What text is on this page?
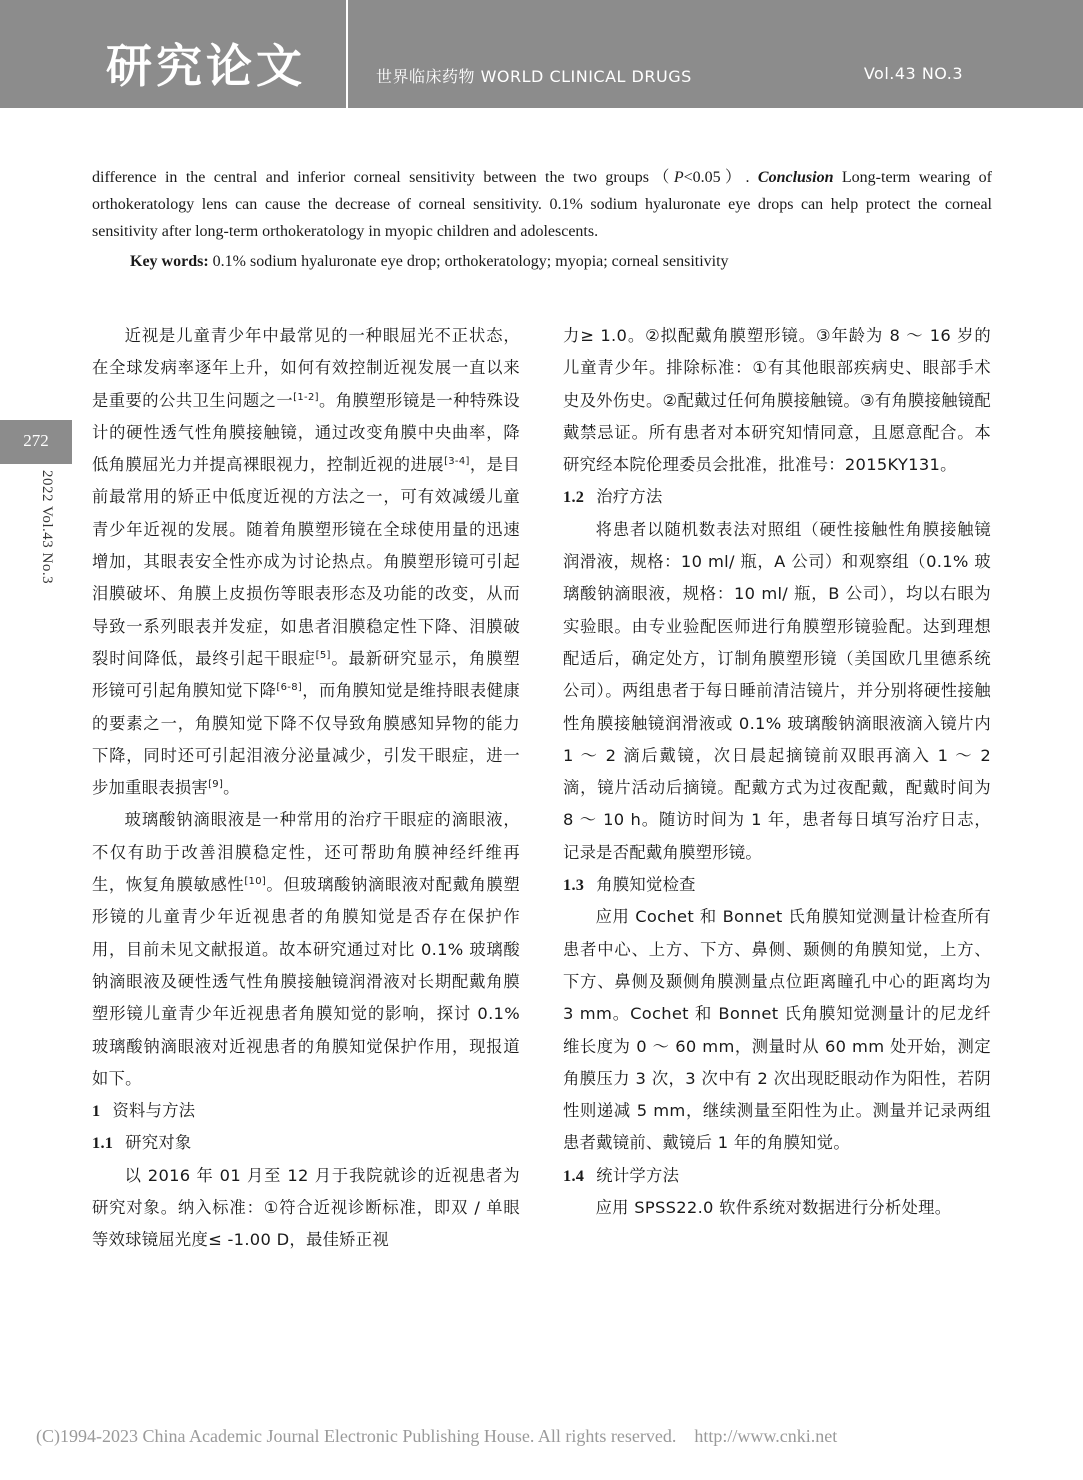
研究论文	世界临床药物 WORLD CLINICAL DRUGS	Vol.43 NO.3
272
2022 Vol.43 No.3

difference in the central and inferior corneal sensitivity between the two groups（P<0.05）. Conclusion Long-term wearing of orthokeratology lens can cause the decrease of corneal sensitivity. 0.1% sodium hyaluronate eye drops can help protect the corneal sensitivity after long-term orthokeratology in myopic children and adolescents.

Key words: 0.1% sodium hyaluronate eye drop; orthokeratology; myopia; corneal sensitivity

近视是儿童青少年中最常见的一种眼屈光不正状态，在全球发病率逐年上升，如何有效控制近视发展一直以来是重要的公共卫生问题之一[1-2]。角膜塑形镜是一种特殊设计的硬性透气性角膜接触镜，通过改变角膜中央曲率，降低角膜屈光力并提高裸眼视力，控制近视的进展[3-4]，是目前最常用的矫正中低度近视的方法之一，可有效减缓儿童青少年近视的发展。随着角膜塑形镜在全球使用量的迅速增加，其眼表安全性亦成为讨论热点。角膜塑形镜可引起泪膜破坏、角膜上皮损伤等眼表形态及功能的改变，从而导致一系列眼表并发症，如患者泪膜稳定性下降、泪膜破裂时间降低，最终引起干眼症[5]。最新研究显示，角膜塑形镜可引起角膜知觉下降[6-8]，而角膜知觉是维持眼表健康的要素之一，角膜知觉下降不仅导致角膜感知异物的能力下降，同时还可引起泪液分泌量减少，引发干眼症，进一步加重眼表损害[9]。

玻璃酸钠滴眼液是一种常用的治疗干眼症的滴眼液，不仅有助于改善泪膜稳定性，还可帮助角膜神经纤维再生，恢复角膜敏感性[10]。但玻璃酸钠滴眼液对配戴角膜塑形镜的儿童青少年近视患者的角膜知觉是否存在保护作用，目前未见文献报道。故本研究通过对比 0.1% 玻璃酸钠滴眼液及硬性透气性角膜接触镜润滑液对长期配戴角膜塑形镜儿童青少年近视患者角膜知觉的影响，探讨 0.1% 玻璃酸钠滴眼液对近视患者的角膜知觉保护作用，现报道如下。

1 资料与方法

1.1 研究对象

以 2016 年 01 月至 12 月于我院就诊的近视患者为研究对象。纳入标准：①符合近视诊断标准，即双 / 单眼等效球镜屈光度≤ -1.00 D，最佳矫正视

力≥ 1.0。②拟配戴角膜塑形镜。③年龄为 8 ～ 16 岁的儿童青少年。排除标准：①有其他眼部疾病史、眼部手术史及外伤史。②配戴过任何角膜接触镜。③有角膜接触镜配戴禁忌证。所有患者对本研究知情同意，且愿意配合。本研究经本院伦理委员会批准，批准号：2015KY131。

1.2 治疗方法

将患者以随机数表法对照组（硬性接触性角膜接触镜润滑液，规格：10 ml/ 瓶，A 公司）和观察组（0.1% 玻璃酸钠滴眼液，规格：10 ml/ 瓶，B 公司），均以右眼为实验眼。由专业验配医师进行角膜塑形镜验配。达到理想配适后，确定处方，订制角膜塑形镜（美国欧几里德系统公司）。两组患者于每日睡前清洁镜片，并分别将硬性接触性角膜接触镜润滑液或 0.1% 玻璃酸钠滴眼液滴入镜片内 1 ～ 2 滴后戴镜，次日晨起摘镜前双眼再滴入 1 ～ 2 滴，镜片活动后摘镜。配戴方式为过夜配戴，配戴时间为 8 ～ 10 h。随访时间为 1 年，患者每日填写治疗日志，记录是否配戴角膜塑形镜。

1.3 角膜知觉检查

应用 Cochet 和 Bonnet 氏角膜知觉测量计检查所有患者中心、上方、下方、鼻侧、颞侧的角膜知觉，上方、下方、鼻侧及颞侧角膜测量点位距离瞳孔中心的距离均为 3 mm。Cochet 和 Bonnet 氏角膜知觉测量计的尼龙纤维长度为 0 ～ 60 mm，测量时从 60 mm 处开始，测定角膜压力 3 次，3 次中有 2 次出现眨眼动作为阳性，若阴性则递减 5 mm，继续测量至阳性为止。测量并记录两组患者戴镜前、戴镜后 1 年的角膜知觉。

1.4 统计学方法

应用 SPSS22.0 软件系统对数据进行分析处理。

(C)1994-2023 China Academic Journal Electronic Publishing House. All rights reserved. http://www.cnki.net
